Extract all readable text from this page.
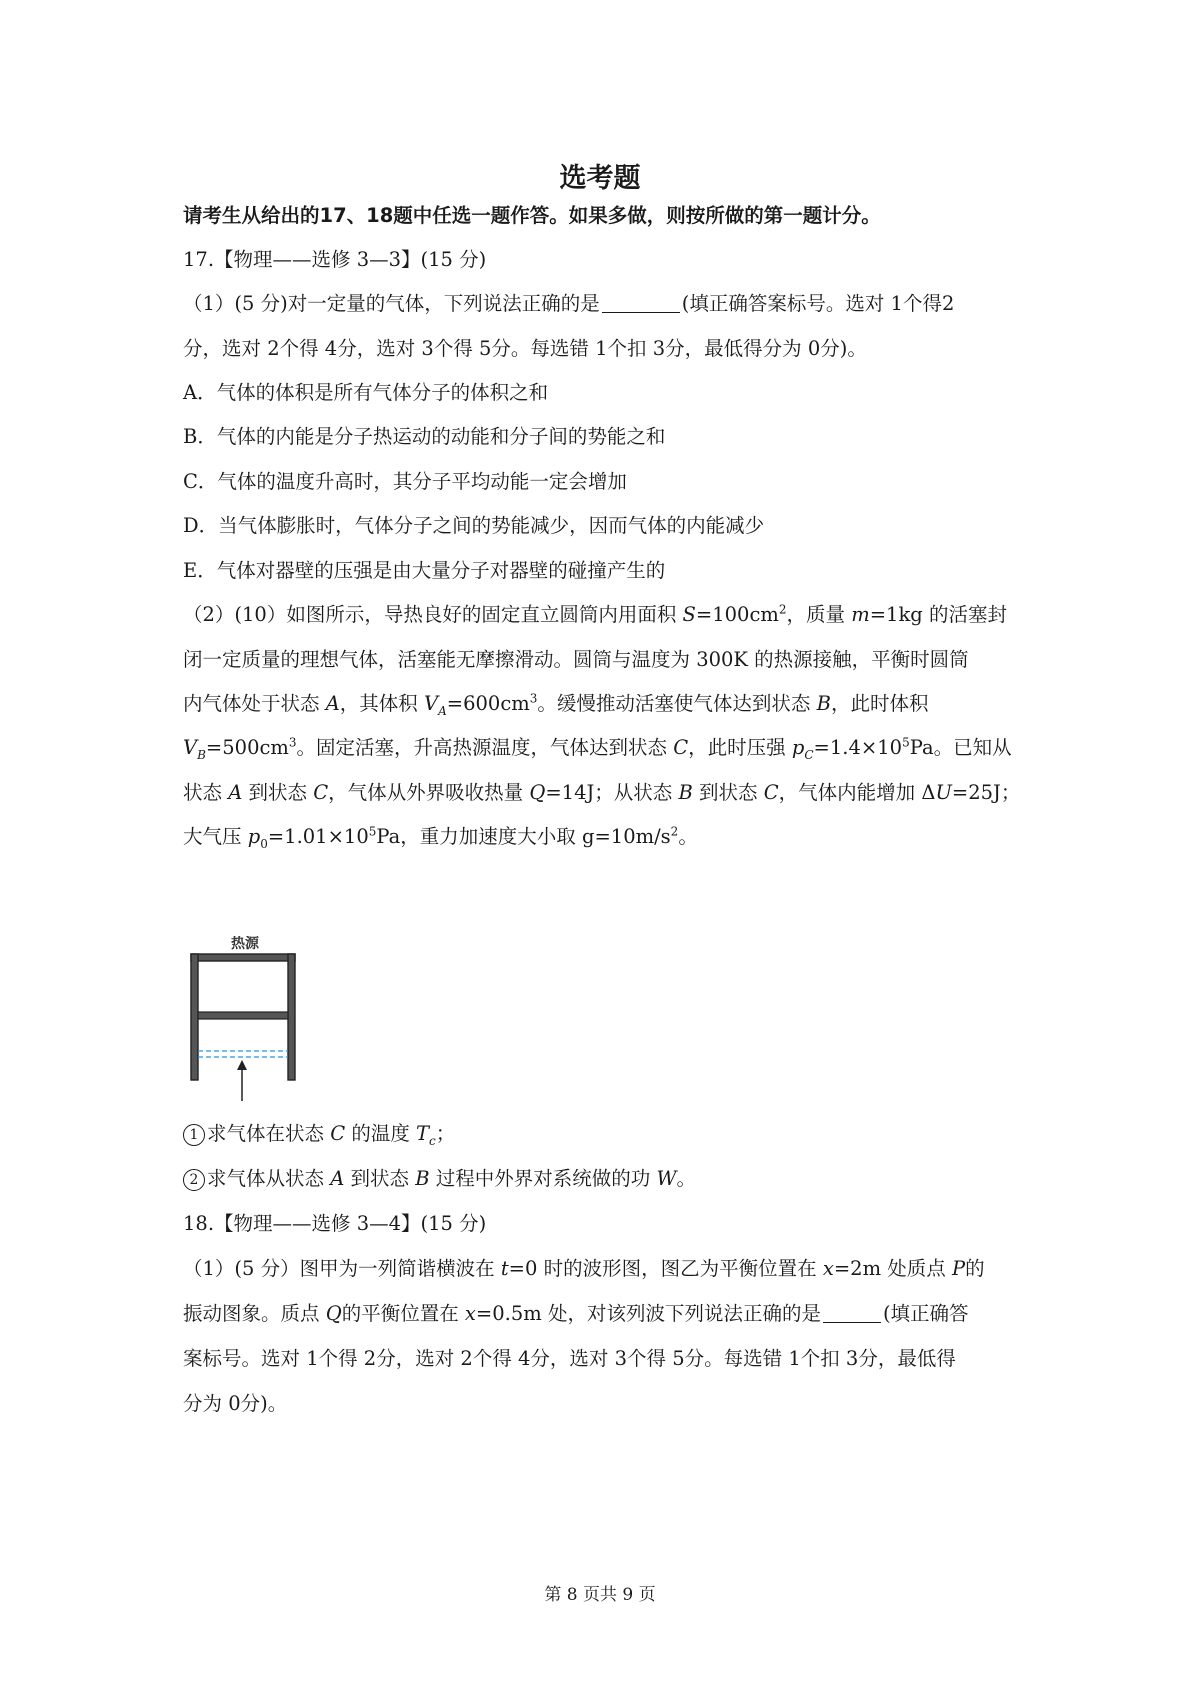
选考题
请考生从给出的17、18题中任选一题作答。如果多做，则按所做的第一题计分。
17.【物理——选修 3—3】(15 分)
（1）(5 分)对一定量的气体，下列说法正确的是	(填正确答案标号。选对 1个得2
分，选对 2个得 4分，选对 3个得 5分。每选错 1个扣 3分，最低得分为 0分)。
A．气体的体积是所有气体分子的体积之和
B．气体的内能是分子热运动的动能和分子间的势能之和
C．气体的温度升高时，其分子平均动能一定会增加
D．当气体膨胀时，气体分子之间的势能减少，因而气体的内能减少
E．气体对器壁的压强是由大量分子对器壁的碰撞产生的
（2）(10）如图所示，导热良好的固定直立圆筒内用面积 $S=100cm^2$，质量 m=1kg 的活塞封
闭一定质量的理想气体，活塞能无摩擦滑动。圆筒与温度为 300K 的热源接触，平衡时圆筒
内气体处于状态 A，其体积 $V_A=600cm^3$。缓慢推动活塞使气体达到状态 B，此时体积
$V_B=500cm^3$。固定活塞，升高热源温度，气体达到状态 C，此时压强 $p_C=1.4\times 10^5Pa$。已知从
状态 A 到状态 C，气体从外界吸收热量 Q=14J；从状态 B 到状态 C，气体内能增加 ΔU=25J；
大气压 $p_0=1.01\times 10^5Pa$，重力加速度大小取 $g=10m/s^2$。
热源
1 求气体在状态 C 的温度 $T_c$；
2 求气体从状态 A 到状态 B 过程中外界对系统做的功 W。
18.【物理——选修 3—4】(15 分)
（1）(5 分）图甲为一列简谐横波在 t=0 时的波形图，图乙为平衡位置在 x=2m 处质点 P的
振动图象。质点 Q的平衡位置在 x=0.5m 处，对该列波下列说法正确的是	(填正确答
案标号。选对 1个得 2分，选对 2个得 4分，选对 3个得 5分。每选错 1个扣 3分，最低得
分为 0分)。
第 8 页共 9 页
